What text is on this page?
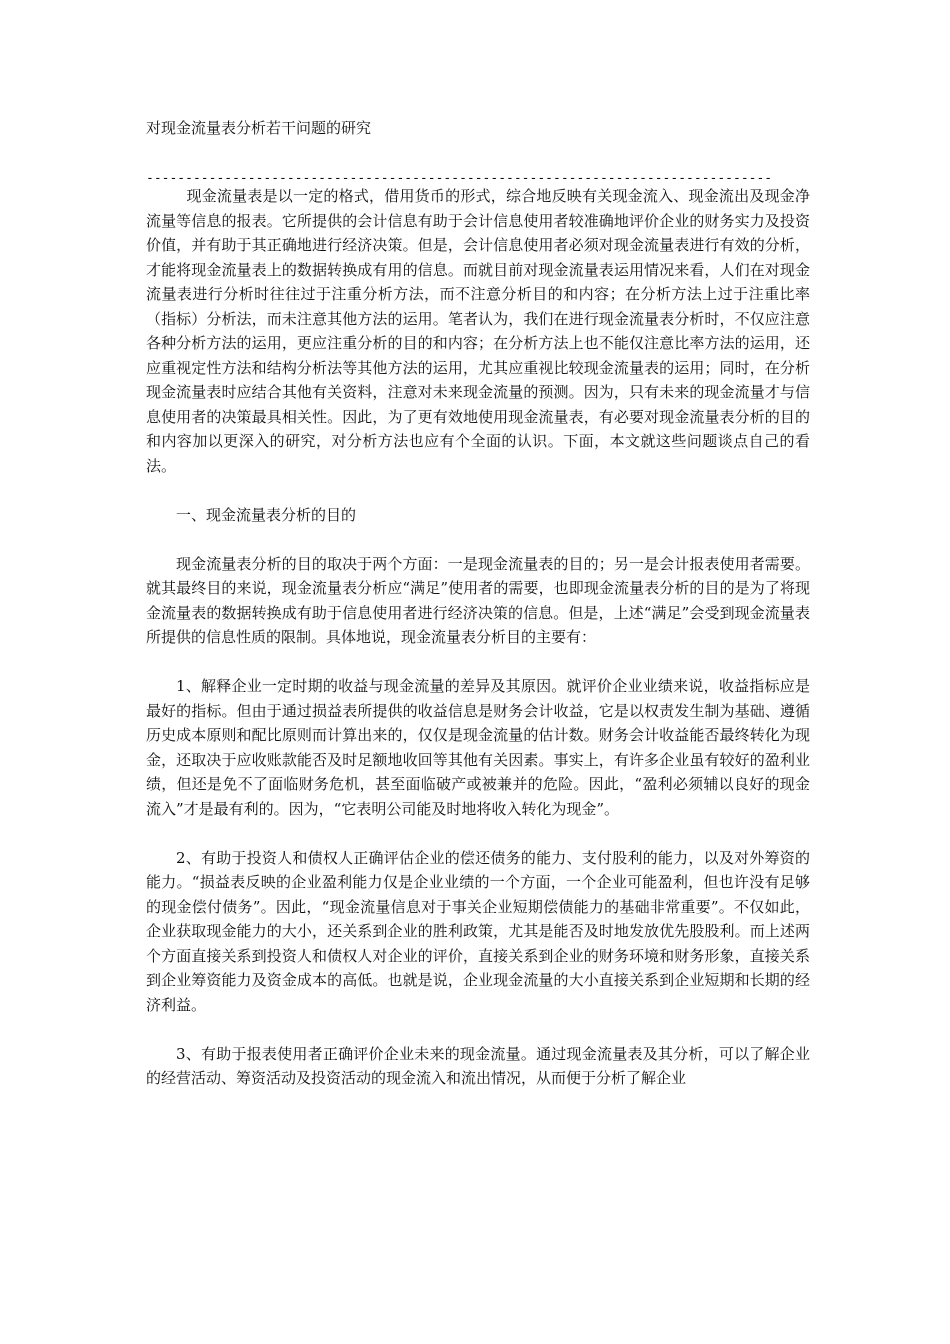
对现金流量表分析若干问题的研究
--------------------------------------------------------------------------------

现金流量表是以一定的格式，借用货币的形式，综合地反映有关现金流入、现金流出及现金净流量等信息的报表。它所提供的会计信息有助于会计信息使用者较准确地评价企业的财务实力及投资价值，并有助于其正确地进行经济决策。但是，会计信息使用者必须对现金流量表进行有效的分析，才能将现金流量表上的数据转换成有用的信息。而就目前对现金流量表运用情况来看，人们在对现金流量表进行分析时往往过于注重分析方法，而不注意分析目的和内容；在分析方法上过于注重比率（指标）分析法，而未注意其他方法的运用。笔者认为，我们在进行现金流量表分析时，不仅应注意各种分析方法的运用，更应注重分析的目的和内容；在分析方法上也不能仅注意比率方法的运用，还应重视定性方法和结构分析法等其他方法的运用，尤其应重视比较现金流量表的运用；同时，在分析现金流量表时应结合其他有关资料，注意对未来现金流量的预测。因为，只有未来的现金流量才与信息使用者的决策最具相关性。因此，为了更有效地使用现金流量表，有必要对现金流量表分析的目的和内容加以更深入的研究，对分析方法也应有个全面的认识。下面，本文就这些问题谈点自己的看法。

一、现金流量表分析的目的

现金流量表分析的目的取决于两个方面：一是现金流量表的目的；另一是会计报表使用者需要。就其最终目的来说，现金流量表分析应“满足”使用者的需要，也即现金流量表分析的目的是为了将现金流量表的数据转换成有助于信息使用者进行经济决策的信息。但是，上述“满足”会受到现金流量表所提供的信息性质的限制。具体地说，现金流量表分析目的主要有：

1、解释企业一定时期的收益与现金流量的差异及其原因。就评价企业业绩来说，收益指标应是最好的指标。但由于通过损益表所提供的收益信息是财务会计收益，它是以权责发生制为基础、遵循历史成本原则和配比原则而计算出来的，仅仅是现金流量的估计数。财务会计收益能否最终转化为现金，还取决于应收账款能否及时足额地收回等其他有关因素。事实上，有许多企业虽有较好的盈利业绩，但还是免不了面临财务危机，甚至面临破产或被兼并的危险。因此，“盈利必须辅以良好的现金流入”才是最有利的。因为，“它表明公司能及时地将收入转化为现金”。

2、有助于投资人和债权人正确评估企业的偿还债务的能力、支付股利的能力，以及对外筹资的能力。“损益表反映的企业盈利能力仅是企业业绩的一个方面，一个企业可能盈利，但也许没有足够的现金偿付债务”。因此，“现金流量信息对于事关企业短期偿债能力的基础非常重要”。不仅如此，企业获取现金能力的大小，还关系到企业的胜利政策，尤其是能否及时地发放优先股股利。而上述两个方面直接关系到投资人和债权人对企业的评价，直接关系到企业的财务环境和财务形象，直接关系到企业筹资能力及资金成本的高低。也就是说，企业现金流量的大小直接关系到企业短期和长期的经济利益。

3、有助于报表使用者正确评价企业未来的现金流量。通过现金流量表及其分析，可以了解企业的经营活动、筹资活动及投资活动的现金流入和流出情况，从而便于分析了解企业
